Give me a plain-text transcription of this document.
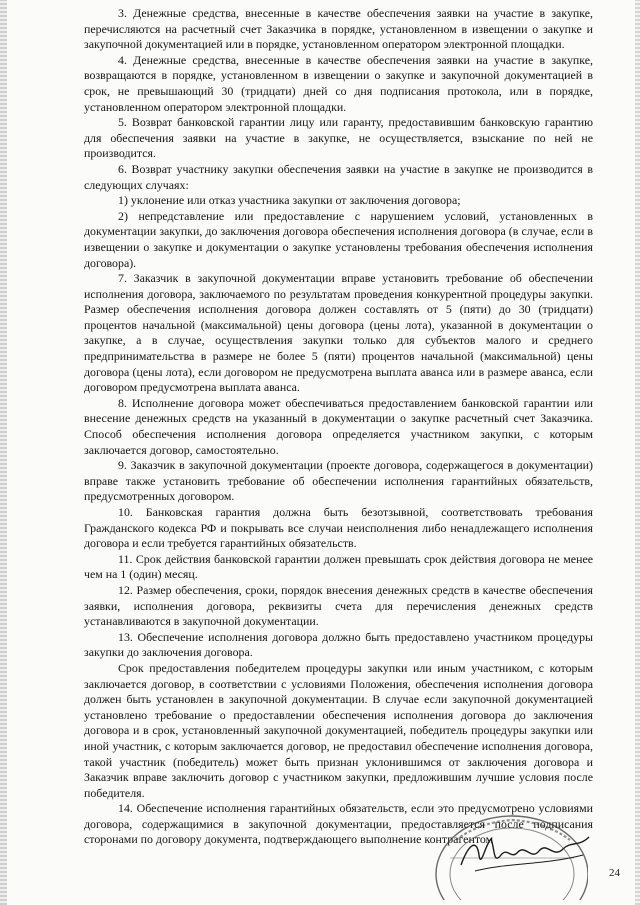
3. Денежные средства, внесенные в качестве обеспечения заявки на участие в закупке, перечисляются на расчетный счет Заказчика в порядке, установленном в извещении о закупке и закупочной документацией или в порядке, установленном оператором электронной площадки.

4. Денежные средства, внесенные в качестве обеспечения заявки на участие в закупке, возвращаются в порядке, установленном в извещении о закупке и закупочной документацией в срок, не превышающий 30 (тридцати) дней со дня подписания протокола, или в порядке, установленном оператором электронной площадки.

5. Возврат банковской гарантии лицу или гаранту, предоставившим банковскую гарантию для обеспечения заявки на участие в закупке, не осуществляется, взыскание по ней не производится.

6. Возврат участнику закупки обеспечения заявки на участие в закупке не производится в следующих случаях:

1) уклонение или отказ участника закупки от заключения договора;

2) непредставление или предоставление с нарушением условий, установленных в документации закупки, до заключения договора обеспечения исполнения договора (в случае, если в извещении о закупке и документации о закупке установлены требования обеспечения исполнения договора).

7. Заказчик в закупочной документации вправе установить требование об обеспечении исполнения договора, заключаемого по результатам проведения конкурентной процедуры закупки. Размер обеспечения исполнения договора должен составлять от 5 (пяти) до 30 (тридцати) процентов начальной (максимальной) цены договора (цены лота), указанной в документации о закупке, а в случае, осуществления закупки только для субъектов малого и среднего предпринимательства в размере не более 5 (пяти) процентов начальной (максимальной) цены договора (цены лота), если договором не предусмотрена выплата аванса или в размере аванса, если договором предусмотрена выплата аванса.

8. Исполнение договора может обеспечиваться предоставлением банковской гарантии или внесение денежных средств на указанный в документации о закупке расчетный счет Заказчика. Способ обеспечения исполнения договора определяется участником закупки, с которым заключается договор, самостоятельно.

9. Заказчик в закупочной документации (проекте договора, содержащегося в документации) вправе также установить требование об обеспечении исполнения гарантийных обязательств, предусмотренных договором.

10. Банковская гарантия должна быть безотзывной, соответствовать требования Гражданского кодекса РФ и покрывать все случаи неисполнения либо ненадлежащего исполнения договора и если требуется гарантийных обязательств.

11. Срок действия банковской гарантии должен превышать срок действия договора не менее чем на 1 (один) месяц.

12. Размер обеспечения, сроки, порядок внесения денежных средств в качестве обеспечения заявки, исполнения договора, реквизиты счета для перечисления денежных средств устанавливаются в закупочной документации.

13. Обеспечение исполнения договора должно быть предоставлено участником процедуры закупки до заключения договора.

Срок предоставления победителем процедуры закупки или иным участником, с которым заключается договор, в соответствии с условиями Положения, обеспечения исполнения договора должен быть установлен в закупочной документации. В случае если закупочной документацией установлено требование о предоставлении обеспечения исполнения договора до заключения договора и в срок, установленный закупочной документацией, победитель процедуры закупки или иной участник, с которым заключается договор, не предоставил обеспечение исполнения договора, такой участник (победитель) может быть признан уклонившимся от заключения договора и Заказчик вправе заключить договор с участником закупки, предложившим лучшие условия после победителя.

14. Обеспечение исполнения гарантийных обязательств, если это предусмотрено условиями договора, содержащимися в закупочной документации, предоставляется после подписания сторонами по договору документа, подтверждающего выполнение контрагентом

24
